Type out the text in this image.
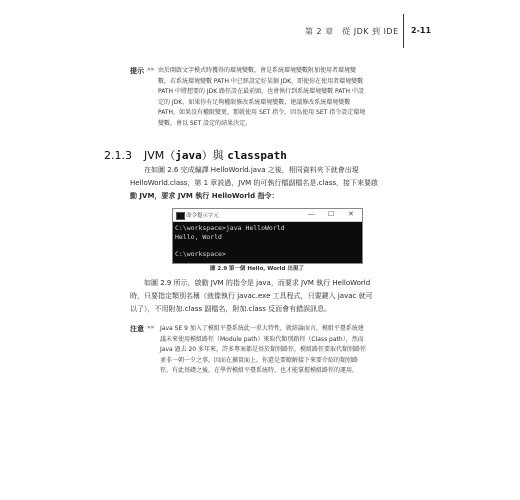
第 2 章　從 JDK 到 IDE 2-11
提示 »» 由於開啟文字模式時獲得的環境變數，會是系統環境變數附加使用者環境變

數，若系統環境變數 PATH 中已經設定好某個 JDK，即使你在使用者環境變數

PATH 中將想要的 JDK 路徑設在最前頭，也會執行到系統環境變數 PATH 中設

定的 JDK，如果你有足夠權限修改系統環境變數，建議修改系統環境變數

PATH，如果沒有權限變更，那就使用 SET 指令，因為使用 SET 指令設定環境

變數，會以 SET 設定的結果決定。

2.1.3 JVM（java）與 classpath

在如圖 2.6 完成編譯 HelloWorld.java 之後，相同資料夾下就會出現

HelloWorld.class，第 1 章説過，JVM 的可執行檔副檔名是.class，接下來要啟

動 JVM，要求 JVM 執行 HelloWorld 指令：

命令提示字元	— ☐ ✕
C:\workspace>java HelloWorld
Hello, World

C:\workspace>
圖 2.9 第一個 Hello, World 出現了

如圖 2.9 所示，啟動 JVM 的指令是 java，而要求 JVM 執行 HelloWorld

時，只要指定類別名稱（就像執行 javac.exe 工具程式，只要鍵入 javac 就可

以了），不用附加.class 副檔名，附加.class 反而會有錯誤訊息。

注意 »» Java SE 9 加入了模組平臺系統此一重大特性，就結論而言，模組平臺系統建

議未來使用模組路徑（Module path）來取代類別路徑（Class path），然而

Java 過去 20 多年來，許多專案都是基於類別路徑，模組路徑要取代類別路徑

並非一朝一夕之事，因而在擴實面上，你還是要瞭解接下來要介紹的類別路

徑，有此基礎之後，在學習模組平臺系統時，也才能掌握模組路徑的運用。
